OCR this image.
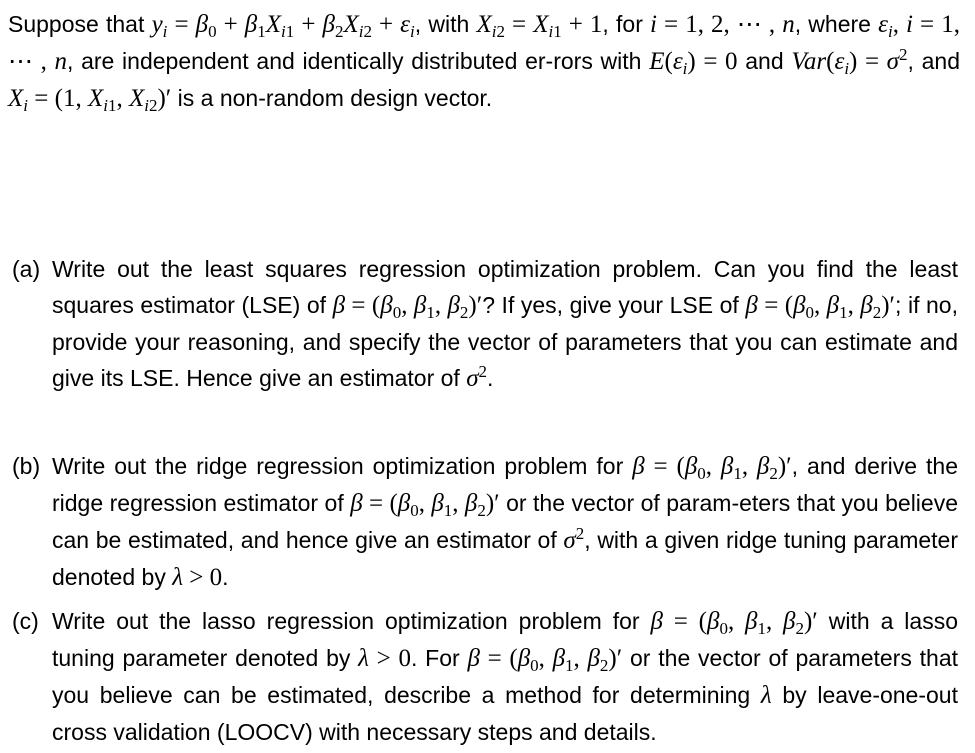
Suppose that $y_i = \beta_0 + \beta_1X_{i1} + \beta_2X_{i2} + \varepsilon_i$, with $X_{i2} = X_{i1} + 1$, for i = 1, 2, ⋯ , n, where $\varepsilon_i$, i = 1, ⋯ , n, are independent and identically distributed er-rors with $E(\varepsilon_i) = 0$ and $Var(\varepsilon_i) = \sigma^2$, and $X_i = (1$, $X_{i1}$, $X_{i2})'$ is a non-random design vector.
(a) Write out the least squares regression optimization problem. Can you find the least squares estimator (LSE) of $\beta = (\beta_0$, $\beta_1$, $\beta_2)'$? If yes, give your LSE of $\beta = (\beta_0$, $\beta_1$, $\beta_2)'$; if no, provide your reasoning, and specify the vector of parameters that you can estimate and give its LSE. Hence give an estimator of $\sigma^2$.
(b) Write out the ridge regression optimization problem for $\beta = (\beta_0$, $\beta_1$, $\beta_2)'$, and derive the ridge regression estimator of $\beta = (\beta_0$, $\beta_1$, $\beta_2)'$ or the vector of param-eters that you believe can be estimated, and hence give an estimator of $\sigma^2$, with a given ridge tuning parameter denoted by λ > 0.
(c) Write out the lasso regression optimization problem for $\beta = (\beta_0$, $\beta_1$, $\beta_2)'$ with a lasso tuning parameter denoted by λ > 0. For $\beta = (\beta_0$, $\beta_1$, $\beta_2)'$ or the vector of parameters that you believe can be estimated, describe a method for determining λ by leave-one-out cross validation (LOOCV) with necessary steps and details.
